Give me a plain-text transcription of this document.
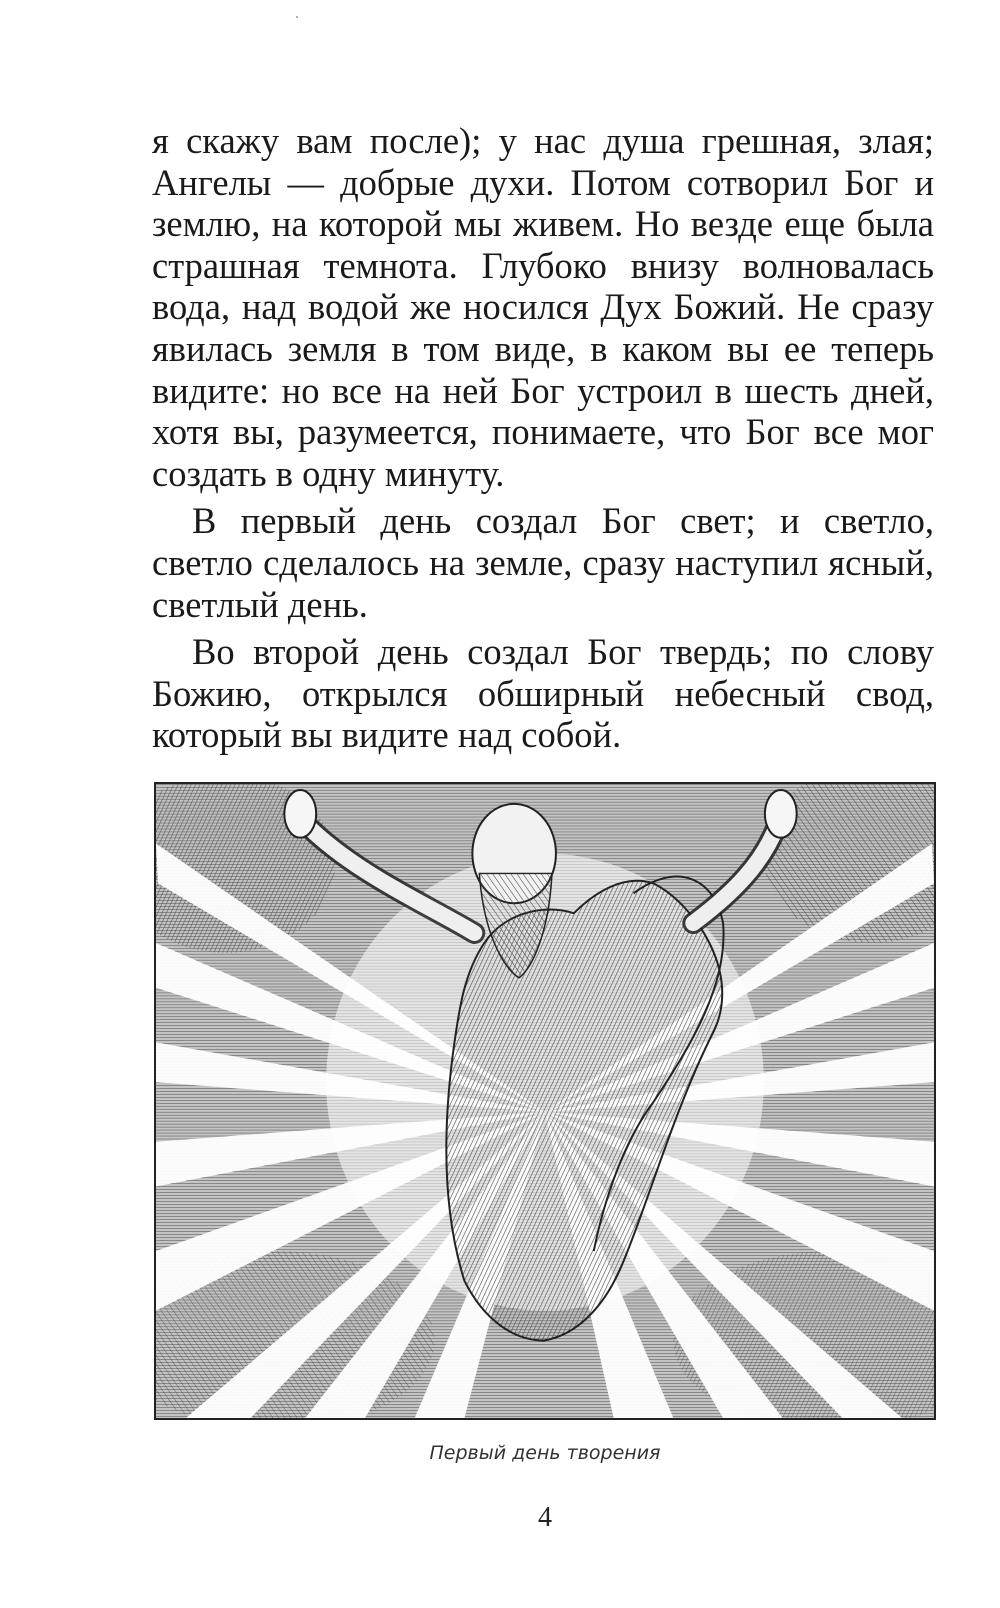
я скажу вам после); у нас душа грешная, злая; Ангелы — добрые духи. Потом сотворил Бог и землю, на которой мы живем. Но везде еще была страшная темнота. Глубоко внизу волновалась вода, над водой же носился Дух Божий. Не сразу явилась земля в том виде, в каком вы ее теперь видите: но все на ней Бог устроил в шесть дней, хотя вы, разумеется, понимаете, что Бог все мог создать в одну минуту.

В первый день создал Бог свет; и светло, светло сделалось на земле, сразу наступил ясный, светлый день.

Во второй день создал Бог твердь; по слову Божию, открылся обширный небесный свод, который вы видите над собой.

Первый день творения
4
